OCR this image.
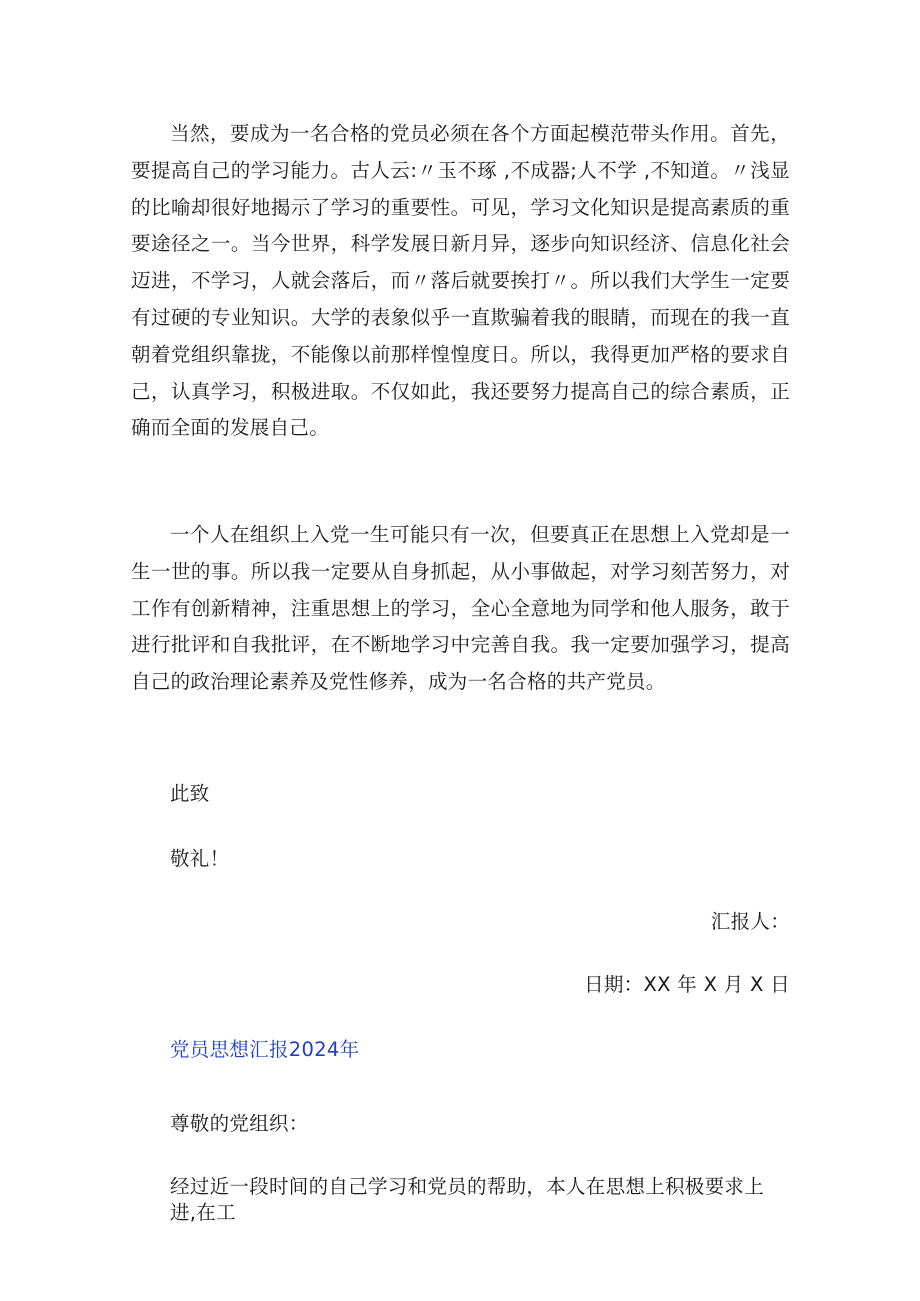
当然，要成为一名合格的党员必须在各个方面起模范带头作用。首先，要提高自己的学习能力。古人云:〃玉不琢 ,不成器;人不学 ,不知道。〃浅显的比喻却很好地揭示了学习的重要性。可见，学习文化知识是提高素质的重要途径之一。当今世界，科学发展日新月异，逐步向知识经济、信息化社会迈进，不学习，人就会落后，而〃落后就要挨打〃。所以我们大学生一定要有过硬的专业知识。大学的表象似乎一直欺骗着我的眼睛，而现在的我一直朝着党组织靠拢，不能像以前那样惶惶度日。所以，我得更加严格的要求自己，认真学习，积极进取。不仅如此，我还要努力提高自己的综合素质，正确而全面的发展自己。

一个人在组织上入党一生可能只有一次，但要真正在思想上入党却是一生一世的事。所以我一定要从自身抓起，从小事做起，对学习刻苦努力，对工作有创新精神，注重思想上的学习，全心全意地为同学和他人服务，敢于进行批评和自我批评，在不断地学习中完善自我。我一定要加强学习，提高自己的政治理论素养及党性修养，成为一名合格的共产党员。

此致

敬礼！

汇报人：

日期：XX 年 X 月 X 日

党员思想汇报2024年

尊敬的党组织：

经过近一段时间的自己学习和党员的帮助，本人在思想上积极要求上进,在工
